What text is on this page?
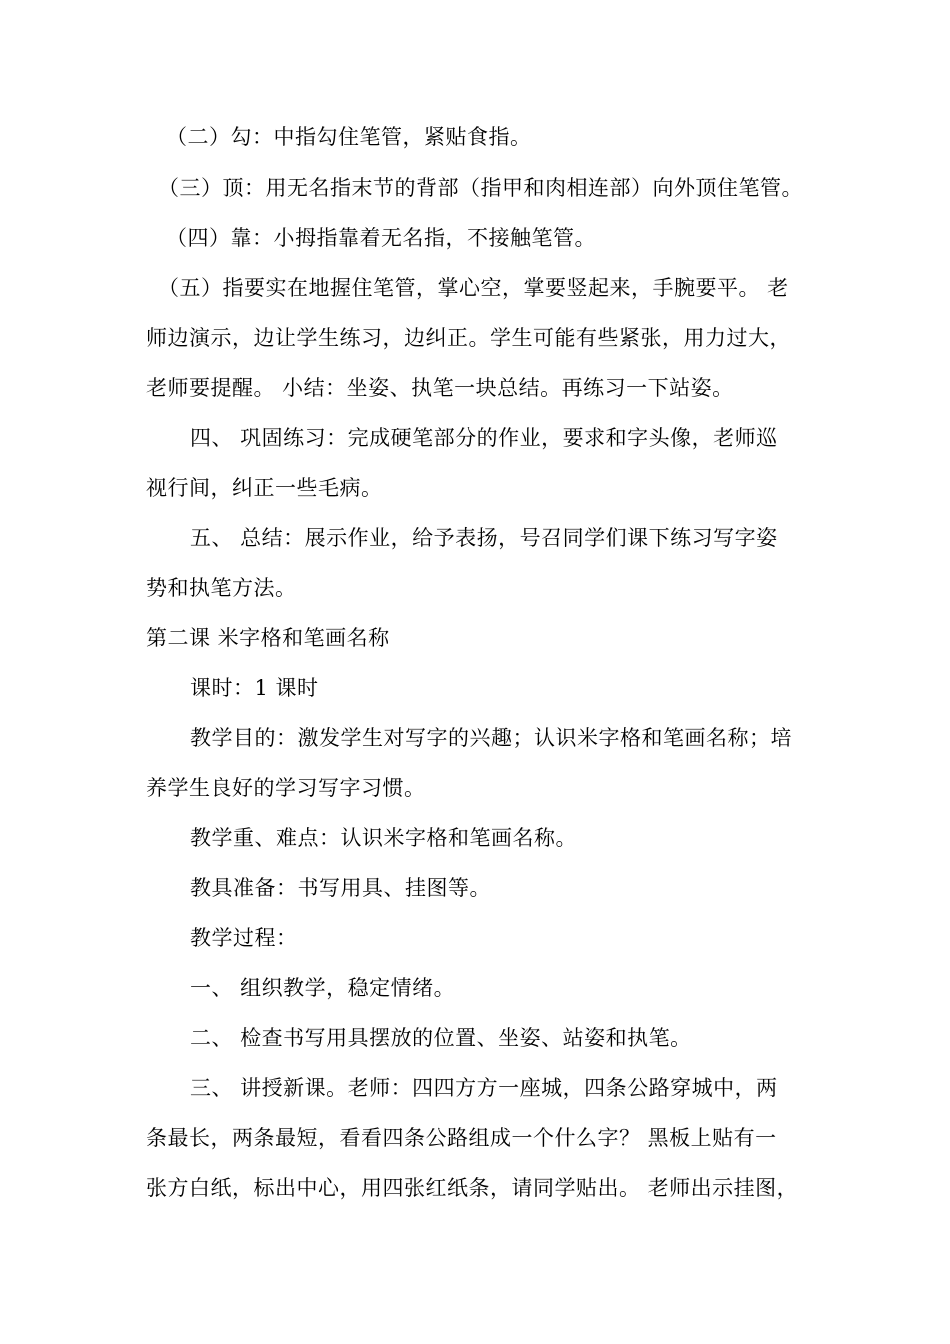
（二）勾：中指勾住笔管，紧贴食指。
（三）顶：用无名指末节的背部（指甲和肉相连部）向外顶住笔管。
（四）靠：小拇指靠着无名指，不接触笔管。
（五）指要实在地握住笔管，掌心空，掌要竖起来，手腕要平。 老
师边演示，边让学生练习，边纠正。学生可能有些紧张，用力过大，
老师要提醒。 小结：坐姿、执笔一块总结。再练习一下站姿。
四、 巩固练习：完成硬笔部分的作业，要求和字头像，老师巡
视行间，纠正一些毛病。
五、 总结：展示作业，给予表扬，号召同学们课下练习写字姿
势和执笔方法。
第二课 米字格和笔画名称
课时：1 课时
教学目的：激发学生对写字的兴趣；认识米字格和笔画名称；培
养学生良好的学习写字习惯。
教学重、难点：认识米字格和笔画名称。
教具准备：书写用具、挂图等。
教学过程：
一、 组织教学，稳定情绪。
二、 检查书写用具摆放的位置、坐姿、站姿和执笔。
三、 讲授新课。老师：四四方方一座城，四条公路穿城中，两
条最长，两条最短，看看四条公路组成一个什么字？ 黑板上贴有一
张方白纸，标出中心，用四张红纸条，请同学贴出。 老师出示挂图，
